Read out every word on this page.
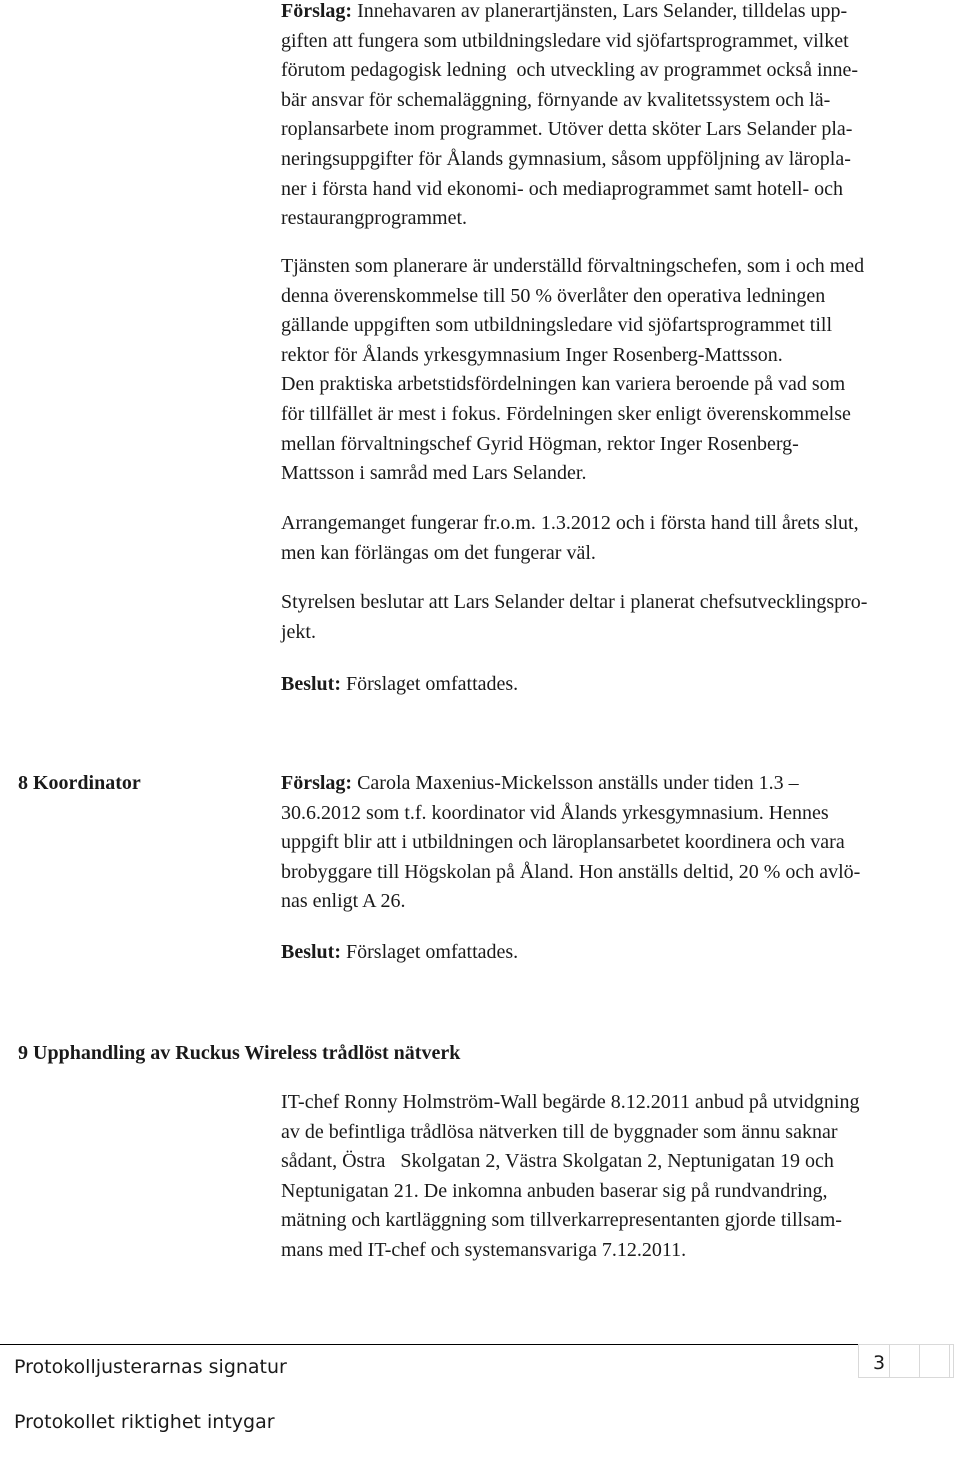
Förslag: Innehavaren av planerartjänsten, Lars Selander, tilldelas upp-
giften att fungera som utbildningsledare vid sjöfartsprogrammet, vilket
förutom pedagogisk ledning  och utveckling av programmet också inne-
bär ansvar för schemaläggning, förnyande av kvalitetssystem och lä-
roplansarbete inom programmet. Utöver detta sköter Lars Selander pla-
neringsuppgifter för Ålands gymnasium, såsom uppföljning av läropla-
ner i första hand vid ekonomi- och mediaprogrammet samt hotell- och
restaurangprogrammet.
Tjänsten som planerare är underställd förvaltningschefen, som i och med
denna överenskommelse till 50 % överlåter den operativa ledningen
gällande uppgiften som utbildningsledare vid sjöfartsprogrammet till
rektor för Ålands yrkesgymnasium Inger Rosenberg-Mattsson.
Den praktiska arbetstidsfördelningen kan variera beroende på vad som
för tillfället är mest i fokus. Fördelningen sker enligt överenskommelse
mellan förvaltningschef Gyrid Högman, rektor Inger Rosenberg-
Mattsson i samråd med Lars Selander.
Arrangemanget fungerar fr.o.m. 1.3.2012 och i första hand till årets slut,
men kan förlängas om det fungerar väl.
Styrelsen beslutar att Lars Selander deltar i planerat chefsutvecklingspro-
jekt.
Beslut: Förslaget omfattades.
8 Koordinator	Förslag: Carola Maxenius-Mickelsson anställs under tiden 1.3 –
30.6.2012 som t.f. koordinator vid Ålands yrkesgymnasium. Hennes
uppgift blir att i utbildningen och läroplansarbetet koordinera och vara
brobyggare till Högskolan på Åland. Hon anställs deltid, 20 % och avlö-
nas enligt A 26.
Beslut: Förslaget omfattades.
9 Upphandling av Ruckus Wireless trådlöst nätverk
IT-chef Ronny Holmström-Wall begärde 8.12.2011 anbud på utvidgning
av de befintliga trådlösa nätverken till de byggnader som ännu saknar
sådant, Östra   Skolgatan 2, Västra Skolgatan 2, Neptunigatan 19 och
Neptunigatan 21. De inkomna anbuden baserar sig på rundvandring,
mätning och kartläggning som tillverkarrepresentanten gjorde tillsam-
mans med IT-chef och systemansvariga 7.12.2011.
Protokolljusterarnas signatur	3
Protokollet riktighet intygar
